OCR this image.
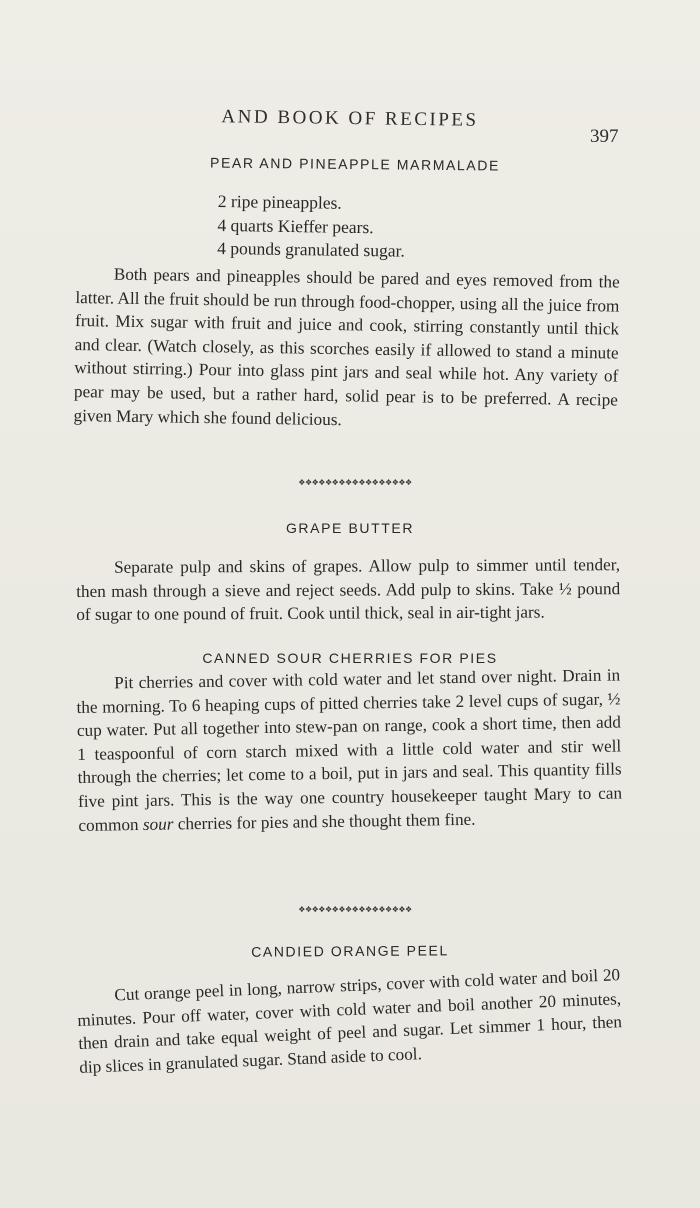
AND BOOK OF RECIPES
397
PEAR AND PINEAPPLE MARMALADE
2 ripe pineapples.
4 quarts Kieffer pears.
4 pounds granulated sugar.

Both pears and pineapples should be pared and eyes removed from the latter. All the fruit should be run through food-chopper, using all the juice from fruit. Mix sugar with fruit and juice and cook, stirring constantly until thick and clear. (Watch closely, as this scorches easily if allowed to stand a minute without stirring.) Pour into glass pint jars and seal while hot. Any variety of pear may be used, but a rather hard, solid pear is to be preferred. A recipe given Mary which she found delicious.

❖❖❖❖❖❖❖❖❖❖❖❖❖❖❖❖❖
GRAPE BUTTER

Separate pulp and skins of grapes. Allow pulp to simmer until tender, then mash through a sieve and reject seeds. Add pulp to skins. Take ½ pound of sugar to one pound of fruit. Cook until thick, seal in air-tight jars.

CANNED SOUR CHERRIES FOR PIES

Pit cherries and cover with cold water and let stand over night. Drain in the morning. To 6 heaping cups of pitted cherries take 2 level cups of sugar, ½ cup water. Put all together into stew-pan on range, cook a short time, then add 1 teaspoonful of corn starch mixed with a little cold water and stir well through the cherries; let come to a boil, put in jars and seal. This quantity fills five pint jars. This is the way one country housekeeper taught Mary to can common sour cherries for pies and she thought them fine.

❖❖❖❖❖❖❖❖❖❖❖❖❖❖❖❖❖
CANDIED ORANGE PEEL

Cut orange peel in long, narrow strips, cover with cold water and boil 20 minutes. Pour off water, cover with cold water and boil another 20 minutes, then drain and take equal weight of peel and sugar. Let simmer 1 hour, then dip slices in granulated sugar. Stand aside to cool.
